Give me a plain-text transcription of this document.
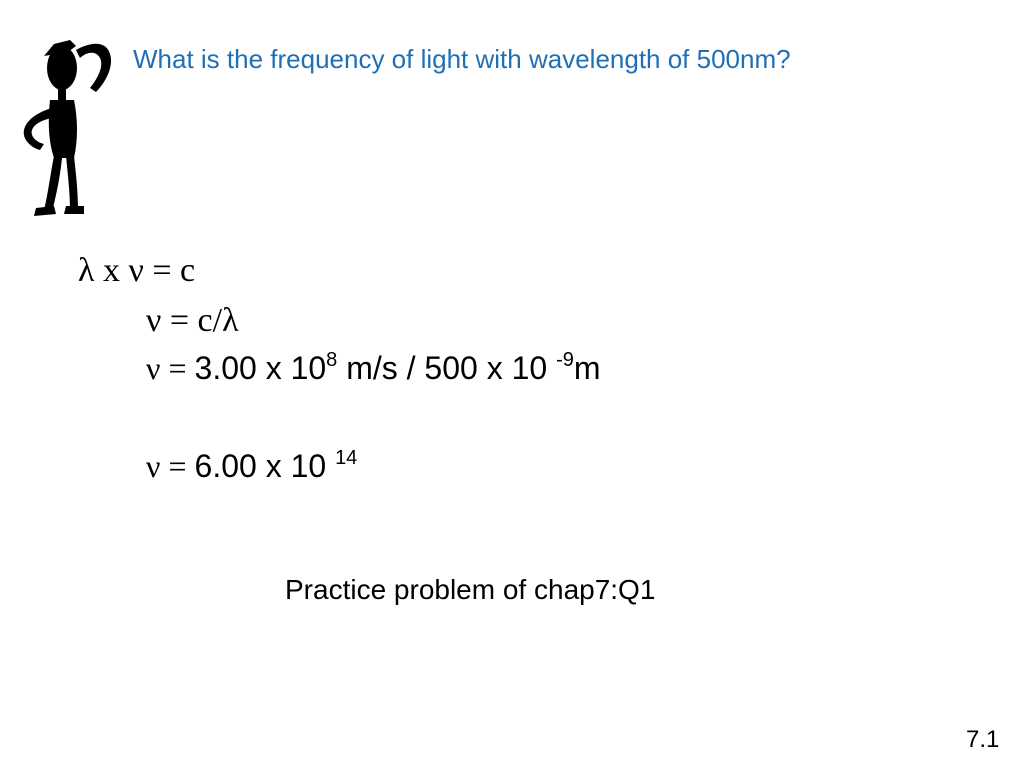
What is the frequency of light with wavelength of 500nm?
λ x ν = c
ν = c/λ
ν = 3.00 x $10^8$ m/s / 500 x 10 $^{-9}$m
ν = 6.00 x 10 $^{14}$
Practice problem of chap7:Q1
7.1
